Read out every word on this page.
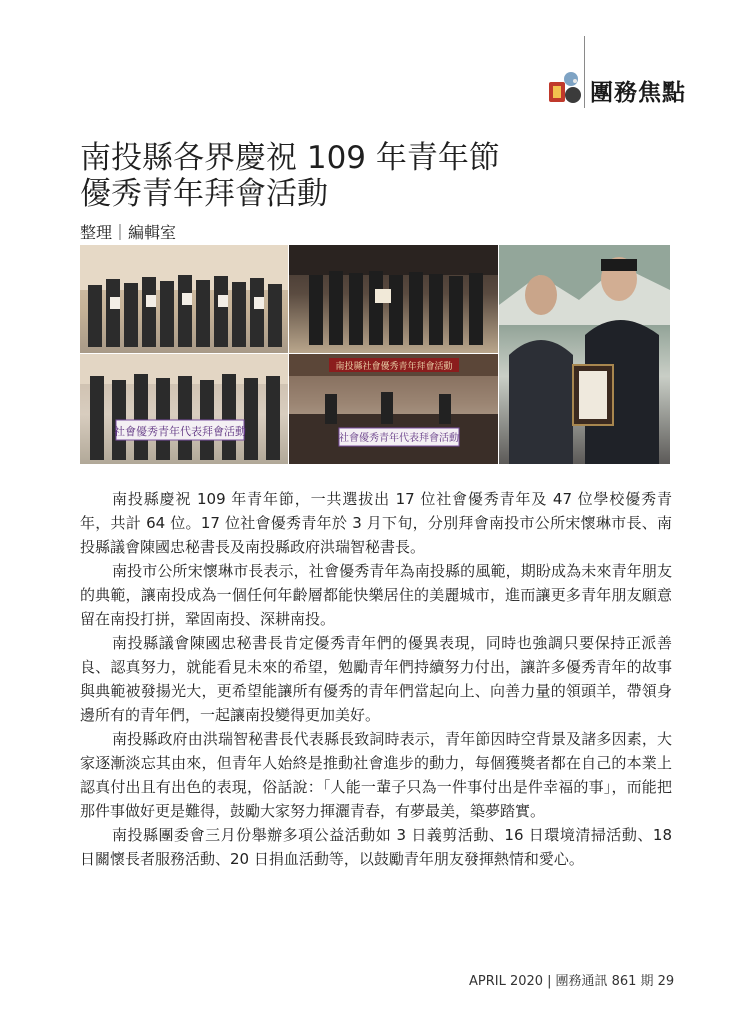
團務焦點
南投縣各界慶祝 109 年青年節
優秀青年拜會活動
整理｜編輯室
社會優秀青年代表拜會活動
南投縣社會優秀青年拜會活動
社會優秀青年代表拜會活動

南投縣慶祝 109 年青年節，一共選拔出 17 位社會優秀青年及 47 位學校優秀青年，共計 64 位。17 位社會優秀青年於 3 月下旬，分別拜會南投市公所宋懷琳市長、南投縣議會陳國忠秘書長及南投縣政府洪瑞智秘書長。

南投市公所宋懷琳市長表示，社會優秀青年為南投縣的風範，期盼成為未來青年朋友的典範，讓南投成為一個任何年齡層都能快樂居住的美麗城市，進而讓更多青年朋友願意留在南投打拼，鞏固南投、深耕南投。

南投縣議會陳國忠秘書長肯定優秀青年們的優異表現，同時也強調只要保持正派善良、認真努力，就能看見未來的希望，勉勵青年們持續努力付出，讓許多優秀青年的故事與典範被發揚光大，更希望能讓所有優秀的青年們當起向上、向善力量的領頭羊，帶領身邊所有的青年們，一起讓南投變得更加美好。

南投縣政府由洪瑞智秘書長代表縣長致詞時表示，青年節因時空背景及諸多因素，大家逐漸淡忘其由來，但青年人始終是推動社會進步的動力，每個獲獎者都在自己的本業上認真付出且有出色的表現，俗話說：「人能一輩子只為一件事付出是件幸福的事」，而能把那件事做好更是難得，鼓勵大家努力揮灑青春，有夢最美，築夢踏實。

南投縣團委會三月份舉辦多項公益活動如 3 日義剪活動、16 日環境清掃活動、18 日關懷長者服務活動、20 日捐血活動等，以鼓勵青年朋友發揮熱情和愛心。

APRIL 2020 | 團務通訊 861 期 29
